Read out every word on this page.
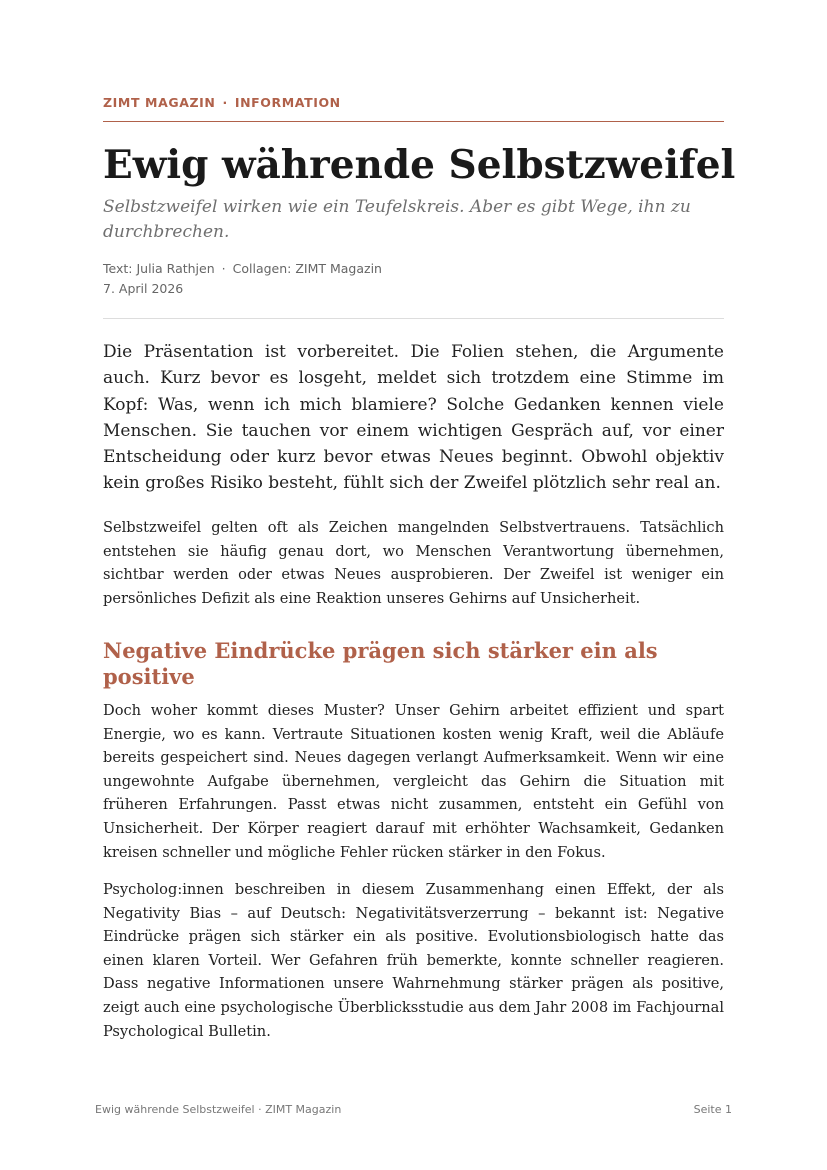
ZIMT MAGAZIN · INFORMATION
Ewig währende Selbstzweifel

Selbstzweifel wirken wie ein Teufelskreis. Aber es gibt Wege, ihn zu durchbrechen.

Text: Julia Rathjen · Collagen: ZIMT Magazin
7. April 2026

Die Präsentation ist vorbereitet. Die Folien stehen, die Argumente auch. Kurz bevor es losgeht, meldet sich trotzdem eine Stimme im Kopf: Was, wenn ich mich blamiere? Solche Gedanken kennen viele Menschen. Sie tauchen vor einem wichtigen Gespräch auf, vor einer Entscheidung oder kurz bevor etwas Neues beginnt. Obwohl objektiv kein großes Risiko besteht, fühlt sich der Zweifel plötzlich sehr real an.

Selbstzweifel gelten oft als Zeichen mangelnden Selbstvertrauens. Tatsächlich entstehen sie häufig genau dort, wo Menschen Verantwortung übernehmen, sichtbar werden oder etwas Neues ausprobieren. Der Zweifel ist weniger ein persönliches Defizit als eine Reaktion unseres Gehirns auf Unsicherheit.

Negative Eindrücke prägen sich stärker ein als positive

Doch woher kommt dieses Muster? Unser Gehirn arbeitet effizient und spart Energie, wo es kann. Vertraute Situationen kosten wenig Kraft, weil die Abläufe bereits gespeichert sind. Neues dagegen verlangt Aufmerksamkeit. Wenn wir eine ungewohnte Aufgabe übernehmen, vergleicht das Gehirn die Situation mit früheren Erfahrungen. Passt etwas nicht zusammen, entsteht ein Gefühl von Unsicherheit. Der Körper reagiert darauf mit erhöhter Wachsamkeit, Gedanken kreisen schneller und mögliche Fehler rücken stärker in den Fokus.

Psycholog:innen beschreiben in diesem Zusammenhang einen Effekt, der als Negativity Bias – auf Deutsch: Negativitätsverzerrung – bekannt ist: Negative Eindrücke prägen sich stärker ein als positive. Evolutionsbiologisch hatte das einen klaren Vorteil. Wer Gefahren früh bemerkte, konnte schneller reagieren. Dass negative Informationen unsere Wahrnehmung stärker prägen als positive, zeigt auch eine psychologische Überblicksstudie aus dem Jahr 2008 im Fachjournal Psychological Bulletin.

Ewig währende Selbstzweifel · ZIMT Magazin	Seite 1
